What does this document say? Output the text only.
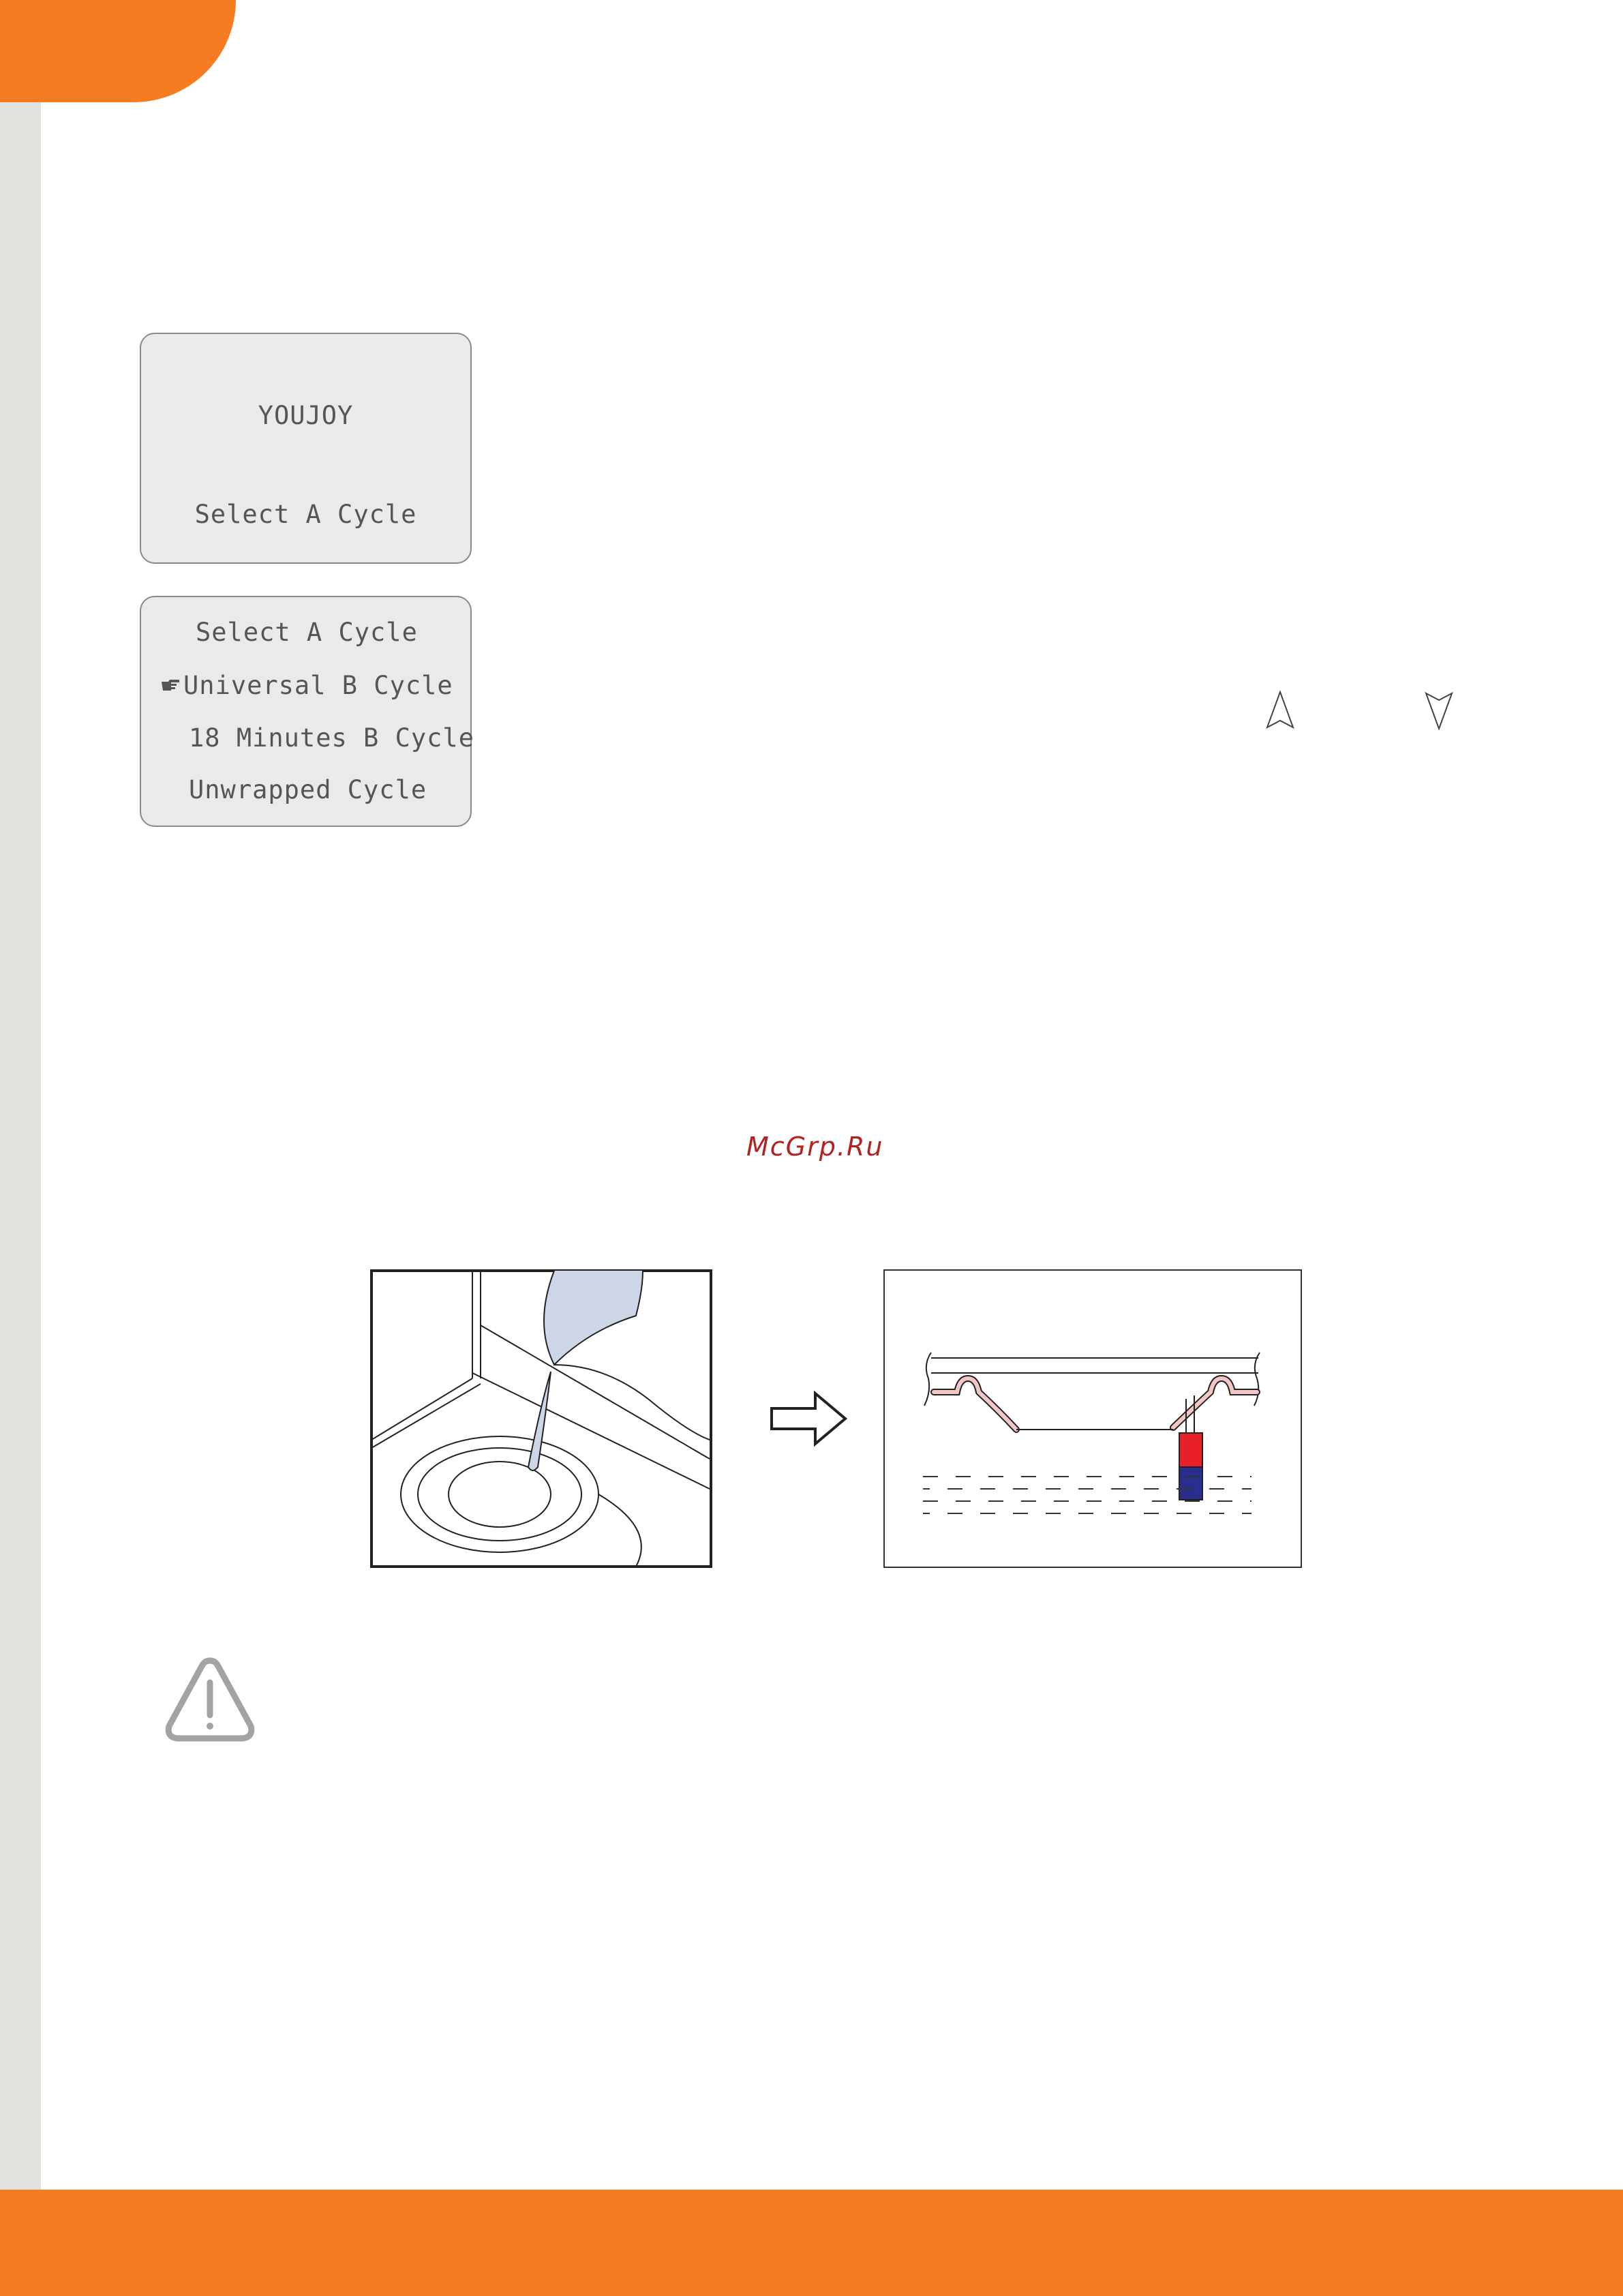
YOUJOY
Select A Cycle
Select A Cycle
Universal B Cycle
18 Minutes B Cycle
Unwrapped Cycle
McGrp.Ru
